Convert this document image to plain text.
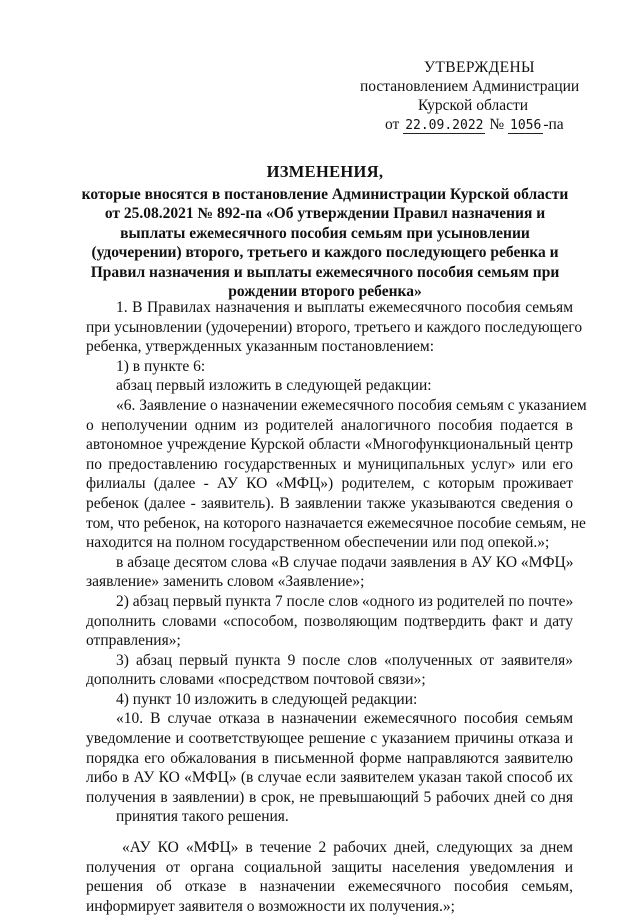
УТВЕРЖДЕНЫ
постановлением Администрации
Курской области
от 22.09.2022 № 1056 -па
ИЗМЕНЕНИЯ,
которые вносятся в постановление Администрации Курской области
от 25.08.2021 № 892-па «Об утверждении Правил назначения и
выплаты ежемесячного пособия семьям при усыновлении
(удочерении) второго, третьего и каждого последующего ребенка и
Правил назначения и выплаты ежемесячного пособия семьям при
рождении второго ребенка»
1. В Правилах назначения и выплаты ежемесячного пособия семьям
при усыновлении (удочерении) второго, третьего и каждого последующего
ребенка, утвержденных указанным постановлением:
1) в пункте 6:
абзац первый изложить в следующей редакции:
«6. Заявление о назначении ежемесячного пособия семьям с указанием
о неполучении одним из родителей аналогичного пособия подается в
автономное учреждение Курской области «Многофункциональный центр
по предоставлению государственных и муниципальных услуг» или его
филиалы (далее - АУ КО «МФЦ») родителем, с которым проживает
ребенок (далее - заявитель). В заявлении также указываются сведения о
том, что ребенок, на которого назначается ежемесячное пособие семьям, не
находится на полном государственном обеспечении или под опекой.»;
в абзаце десятом слова «В случае подачи заявления в АУ КО «МФЦ»
заявление» заменить словом «Заявление»;
2) абзац первый пункта 7 после слов «одного из родителей по почте»
дополнить словами «способом, позволяющим подтвердить факт и дату
отправления»;
3) абзац первый пункта 9 после слов «полученных от заявителя»
дополнить словами «посредством почтовой связи»;
4) пункт 10 изложить в следующей редакции:
«10. В случае отказа в назначении ежемесячного пособия семьям
уведомление и соответствующее решение с указанием причины отказа и
порядка его обжалования в письменной форме направляются заявителю
либо в АУ КО «МФЦ» (в случае если заявителем указан такой способ их
получения в заявлении) в срок, не превышающий 5 рабочих дней со дня
принятия такого решения.
«АУ КО «МФЦ» в течение 2 рабочих дней, следующих за днем
получения от органа социальной защиты населения уведомления и
решения об отказе в назначении ежемесячного пособия семьям,
информирует заявителя о возможности их получения.»;
